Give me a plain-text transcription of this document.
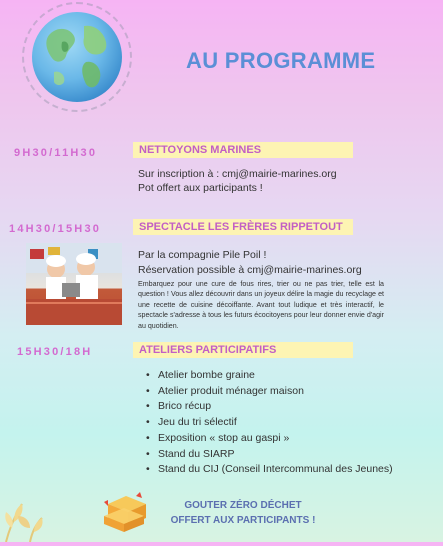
AU PROGRAMME
9H30/11H30	NETTOYONS MARINES
Sur inscription à : cmj@mairie-marines.org
Pot offert aux participants !
14H30/15H30	SPECTACLE LES FRÈRES RIPPETOUT
Par la compagnie Pile Poil !
Réservation possible à cmj@mairie-marines.org
Embarquez pour une cure de fous rires, trier ou ne pas trier, telle est la question ! Vous allez découvrir dans un joyeux délire la magie du recyclage et une recette de cuisine décoiffante. Avant tout ludique et très interactif, le spectacle s'adresse à tous les futurs écocitoyens pour leur donner envie d'agir au quotidien.
15H30/18H	ATELIERS PARTICIPATIFS
• Atelier bombe graine
• Atelier produit ménager maison
• Brico récup
• Jeu du tri sélectif
• Exposition « stop au gaspi »
• Stand du SIARP
• Stand du CIJ (Conseil Intercommunal des Jeunes)
GOUTER ZÉRO DÉCHET
OFFERT AUX PARTICIPANTS !
